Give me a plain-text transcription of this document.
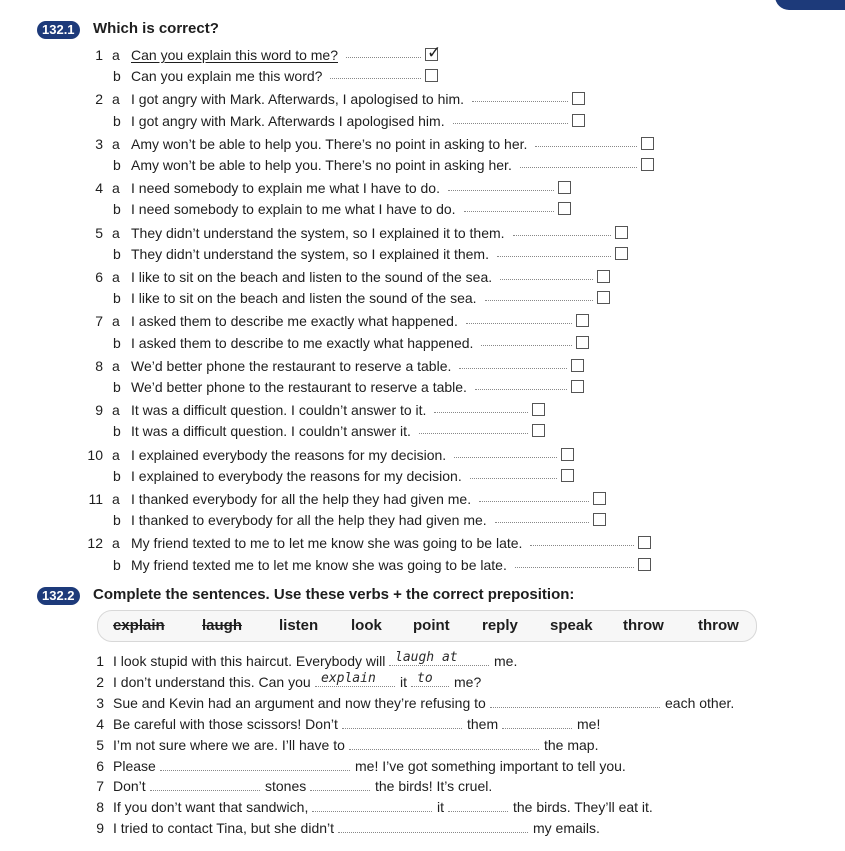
132.1	Which is correct?
1 a Can you explain this word to me?	✓
b Can you explain me this word?
2 a I got angry with Mark. Afterwards, I apologised to him.
b I got angry with Mark. Afterwards I apologised him.
3 a Amy won’t be able to help you. There’s no point in asking to her.
b Amy won’t be able to help you. There’s no point in asking her.
4 a I need somebody to explain me what I have to do.
b I need somebody to explain to me what I have to do.
5 a They didn’t understand the system, so I explained it to them.
b They didn’t understand the system, so I explained it them.
6 a I like to sit on the beach and listen to the sound of the sea.
b I like to sit on the beach and listen the sound of the sea.
7 a I asked them to describe me exactly what happened.
b I asked them to describe to me exactly what happened.
8 a We’d better phone the restaurant to reserve a table.
b We’d better phone to the restaurant to reserve a table.
9 a It was a difficult question. I couldn’t answer to it.
b It was a difficult question. I couldn’t answer it.
10 a I explained everybody the reasons for my decision.
b I explained to everybody the reasons for my decision.
11 a I thanked everybody for all the help they had given me.
b I thanked to everybody for all the help they had given me.
12 a My friend texted to me to let me know she was going to be late.
b My friend texted me to let me know she was going to be late.
132.2	Complete the sentences. Use these verbs + the correct preposition:
explain laugh listen look point reply speak throw throw
1 I look stupid with this haircut. Everybody will laugh at	me.
2 I don’t understand this. Can you explain it to me?
3 Sue and Kevin had an argument and now they’re refusing to	each other.
4 Be careful with those scissors! Don’t	them	me!
5 I’m not sure where we are. I’ll have to	the map.
6 Please	me! I’ve got something important to tell you.
7 Don’t	stones	the birds! It’s cruel.
8 If you don’t want that sandwich,	it	the birds. They’ll eat it.
9 I tried to contact Tina, but she didn’t	my emails.
